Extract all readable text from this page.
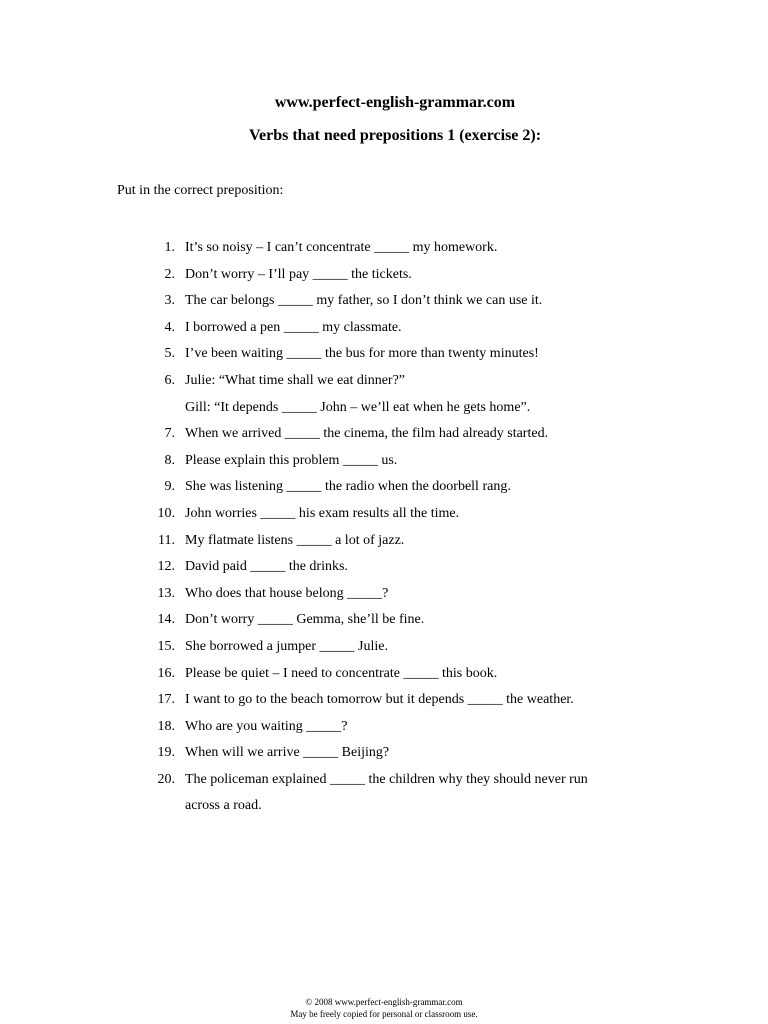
www.perfect-english-grammar.com
Verbs that need prepositions 1 (exercise 2):
Put in the correct preposition:
1. It’s so noisy – I can’t concentrate _____ my homework.
2. Don’t worry – I’ll pay _____ the tickets.
3. The car belongs _____ my father, so I don’t think we can use it.
4. I borrowed a pen _____ my classmate.
5. I’ve been waiting _____ the bus for more than twenty minutes!
6. Julie: “What time shall we eat dinner?”
Gill: “It depends _____ John – we’ll eat when he gets home”.
7. When we arrived _____ the cinema, the film had already started.
8. Please explain this problem _____ us.
9. She was listening _____ the radio when the doorbell rang.
10. John worries _____ his exam results all the time.
11. My flatmate listens _____ a lot of jazz.
12. David paid _____ the drinks.
13. Who does that house belong _____?
14. Don’t worry _____ Gemma, she’ll be fine.
15. She borrowed a jumper _____ Julie.
16. Please be quiet – I need to concentrate _____ this book.
17. I want to go to the beach tomorrow but it depends _____ the weather.
18. Who are you waiting _____?
19. When will we arrive _____ Beijing?
20. The policeman explained _____ the children why they should never run
across a road.
© 2008 www.perfect-english-grammar.com
May be freely copied for personal or classroom use.
